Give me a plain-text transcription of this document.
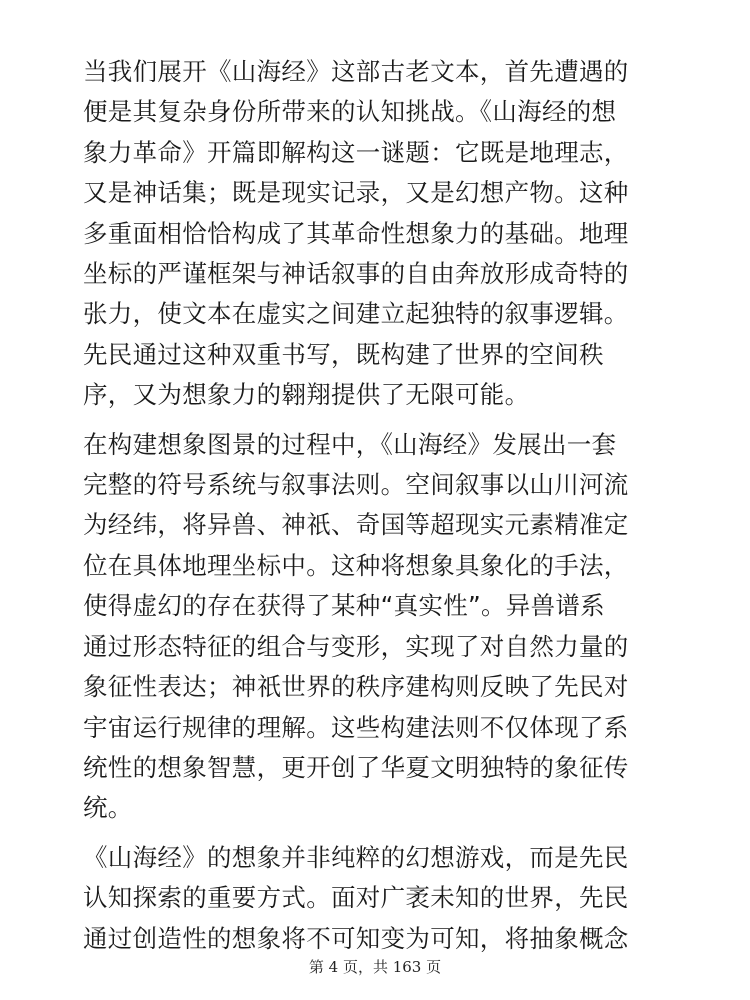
当我们展开《山海经》这部古老文本，首先遭遇的
便是其复杂身份所带来的认知挑战。《山海经的想
象力革命》开篇即解构这一谜题：它既是地理志，
又是神话集；既是现实记录，又是幻想产物。这种
多重面相恰恰构成了其革命性想象力的基础。地理
坐标的严谨框架与神话叙事的自由奔放形成奇特的
张力，使文本在虚实之间建立起独特的叙事逻辑。
先民通过这种双重书写，既构建了世界的空间秩
序，又为想象力的翱翔提供了无限可能。

在构建想象图景的过程中，《山海经》发展出一套
完整的符号系统与叙事法则。空间叙事以山川河流
为经纬，将异兽、神祇、奇国等超现实元素精准定
位在具体地理坐标中。这种将想象具象化的手法，
使得虚幻的存在获得了某种“真实性”。异兽谱系
通过形态特征的组合与变形，实现了对自然力量的
象征性表达；神祇世界的秩序建构则反映了先民对
宇宙运行规律的理解。这些构建法则不仅体现了系
统性的想象智慧，更开创了华夏文明独特的象征传
统。

《山海经》的想象并非纯粹的幻想游戏，而是先民
认知探索的重要方式。面对广袤未知的世界，先民
通过创造性的想象将不可知变为可知，将抽象概念

第 4 页，共 163 页
